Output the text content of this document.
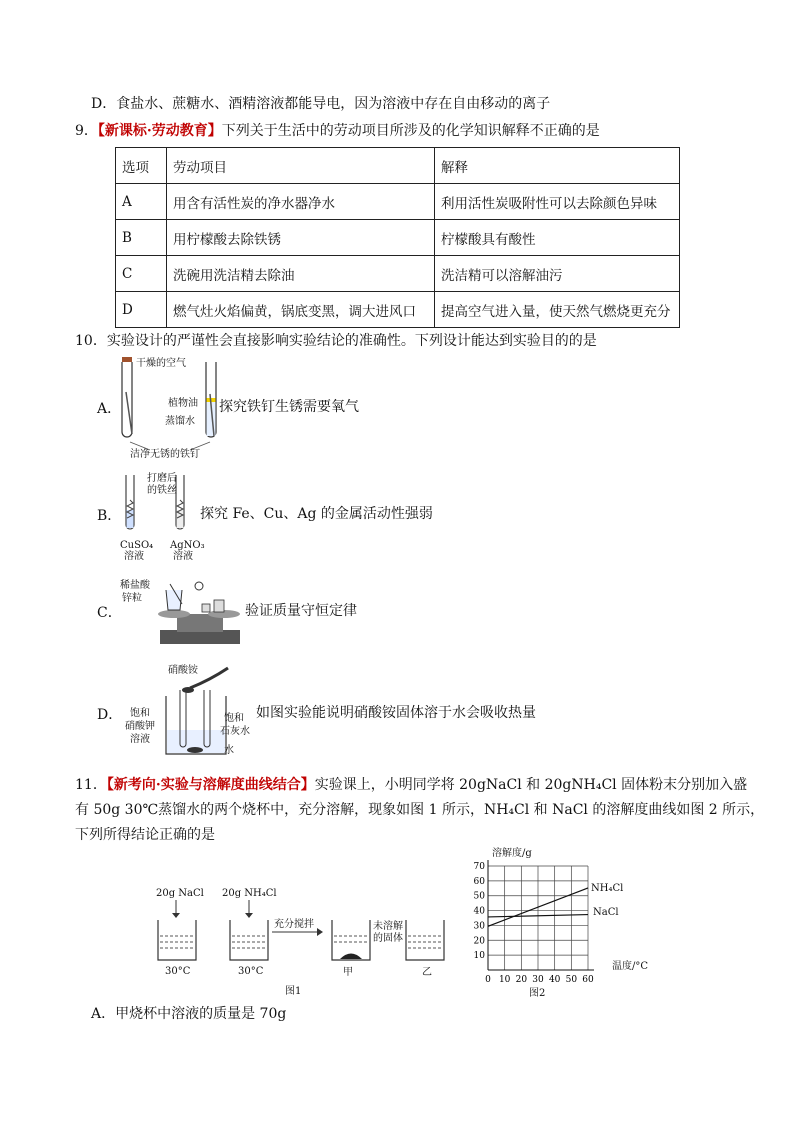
D．食盐水、蔗糖水、酒精溶液都能导电，因为溶液中存在自由移动的离子
9．【新课标·劳动教育】下列关于生活中的劳动项目所涉及的化学知识解释不正确的是
选项	劳动项目	解释
A	用含有活性炭的净水器净水	利用活性炭吸附性可以去除颜色异味
B	用柠檬酸去除铁锈	柠檬酸具有酸性
C	洗碗用洗洁精去除油	洗洁精可以溶解油污
D	燃气灶火焰偏黄，锅底变黑，调大进风口	提高空气进入量，使天然气燃烧更充分
10．实验设计的严谨性会直接影响实验结论的准确性。下列设计能达到实验目的的是
A．
干燥的空气
植物油
蒸馏水
洁净无锈的铁钉
探究铁钉生锈需要氧气
B．
打磨后
的铁丝
CuSO₄
溶液
AgNO₃
溶液
探究 Fe、Cu、Ag 的金属活动性强弱
C．
稀盐酸
锌粒
验证质量守恒定律
D．
硝酸铵
饱和
硝酸钾
溶液
饱和
石灰水
水
如图实验能说明硝酸铵固体溶于水会吸收热量
11．【新考向·实验与溶解度曲线结合】实验课上，小明同学将 20gNaCl 和 20gNH₄Cl 固体粉末分别加入盛
有 50g 30℃蒸馏水的两个烧杯中，充分溶解，现象如图 1 所示，NH₄Cl 和 NaCl 的溶解度曲线如图 2 所示，
下列所得结论正确的是
20g NaCl 20g NH₄Cl
30°C	30°C
充分搅拌	未溶解
的固体
甲	乙
图1
0 10 20 30 40 50 60
10
20
30
40
50
60
70
溶解度/g
温度/°C
NH₄Cl
NaCl
图2
A．甲烧杯中溶液的质量是 70g
